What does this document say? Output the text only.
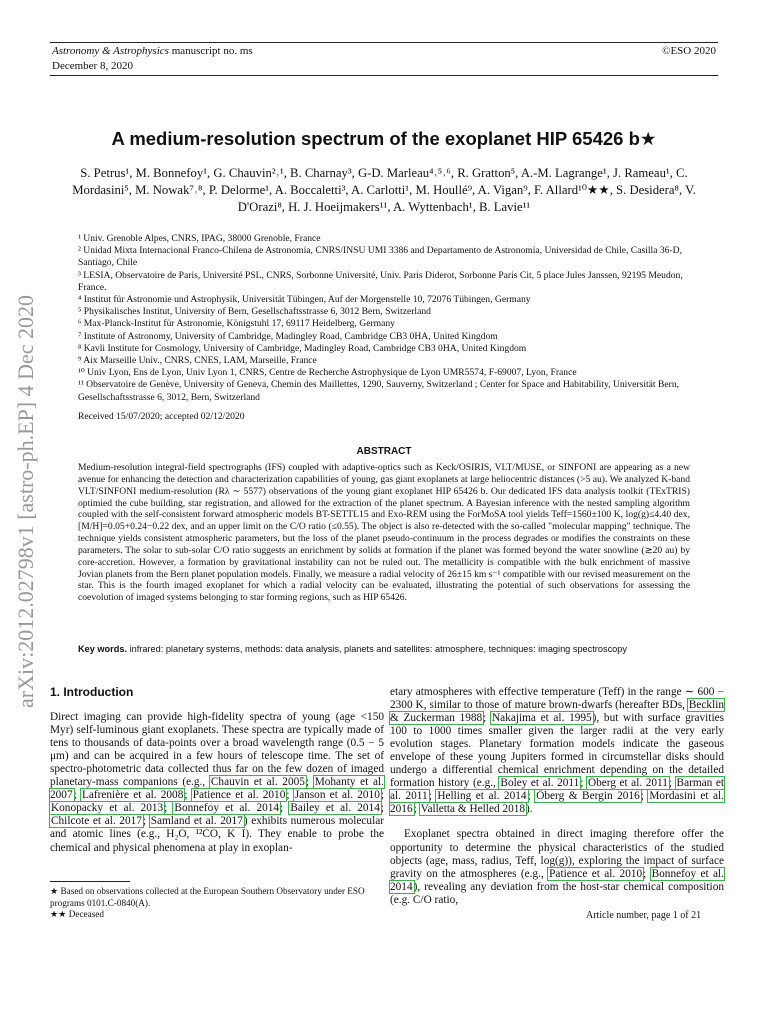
arXiv:2012.02798v1 [astro-ph.EP] 4 Dec 2020
Astronomy & Astrophysics manuscript no. ms	©ESO 2020
December 8, 2020
A medium-resolution spectrum of the exoplanet HIP 65426 b★

S. Petrus¹, M. Bonnefoy¹, G. Chauvin²˒¹, B. Charnay³, G-D. Marleau⁴˒⁵˒⁶, R. Gratton⁵, A.-M. Lagrange¹, J. Rameau¹, C. Mordasini⁵, M. Nowak⁷˒⁸, P. Delorme¹, A. Boccaletti³, A. Carlotti¹, M. Houllé⁹, A. Vigan⁹, F. Allard¹⁰★★, S. Desidera⁸, V. D'Orazi⁸, H. J. Hoeijmakers¹¹, A. Wyttenbach¹, B. Lavie¹¹

¹ Univ. Grenoble Alpes, CNRS, IPAG, 38000 Grenoble, France
² Unidad Mixta Internacional Franco-Chilena de Astronomía, CNRS/INSU UMI 3386 and Departamento de Astronomía, Universidad de Chile, Casilla 36-D, Santiago, Chile
³ LESIA, Observatoire de Paris, Université PSL, CNRS, Sorbonne Université, Univ. Paris Diderot, Sorbonne Paris Cit, 5 place Jules Janssen, 92195 Meudon, France.
⁴ Institut für Astronomie und Astrophysik, Universität Tübingen, Auf der Morgenstelle 10, 72076 Tübingen, Germany
⁵ Physikalisches Institut, University of Bern, Gesellschaftsstrasse 6, 3012 Bern, Switzerland
⁶ Max-Planck-Institut für Astronomie, Königstuhl 17, 69117 Heidelberg, Germany
⁷ Institute of Astronomy, University of Cambridge, Madingley Road, Cambridge CB3 0HA, United Kingdom
⁸ Kavli Institute for Cosmology, University of Cambridge, Madingley Road, Cambridge CB3 0HA, United Kingdom
⁹ Aix Marseille Univ., CNRS, CNES, LAM, Marseille, France
¹⁰ Univ Lyon, Ens de Lyon, Univ Lyon 1, CNRS, Centre de Recherche Astrophysique de Lyon UMR5574, F-69007, Lyon, France
¹¹ Observatoire de Genève, University of Geneva, Chemin des Maillettes, 1290, Sauverny, Switzerland ; Center for Space and Habitability, Universität Bern, Gesellschaftsstrasse 6, 3012, Bern, Switzerland
Received 15/07/2020; accepted 02/12/2020
ABSTRACT

Medium-resolution integral-field spectrographs (IFS) coupled with adaptive-optics such as Keck/OSIRIS, VLT/MUSE, or SINFONI are appearing as a new avenue for enhancing the detection and characterization capabilities of young, gas giant exoplanets at large heliocentric distances (>5 au). We analyzed K-band VLT/SINFONI medium-resolution (Rλ ∼ 5577) observations of the young giant exoplanet HIP 65426 b. Our dedicated IFS data analysis toolkit (TExTRIS) optimied the cube building, star registration, and allowed for the extraction of the planet spectrum. A Bayesian inference with the nested sampling algorithm coupled with the self-consistent forward atmospheric models BT-SETTL15 and Exo-REM using the ForMoSA tool yields Teff=1560±100 K, log(g)≤4.40 dex, [M/H]=0.05+0.24−0.22 dex, and an upper limit on the C/O ratio (≤0.55). The object is also re-detected with the so-called "molecular mapping" technique. The technique yields consistent atmospheric parameters, but the loss of the planet pseudo-continuum in the process degrades or modifies the constraints on these parameters. The solar to sub-solar C/O ratio suggests an enrichment by solids at formation if the planet was formed beyond the water snowline (≳20 au) by core-accretion. However, a formation by gravitational instability can not be ruled out. The metallicity is compatible with the bulk enrichment of massive Jovian planets from the Bern planet population models. Finally, we measure a radial velocity of 26±15 km s⁻¹ compatible with our revised measurement on the star. This is the fourth imaged exoplanet for which a radial velocity can be evaluated, illustrating the potential of such observations for assessing the coevolution of imaged systems belonging to star forming regions, such as HIP 65426.

Key words. infrared: planetary systems, methods: data analysis, planets and satellites: atmosphere, techniques: imaging spectroscopy
1. Introduction

Direct imaging can provide high-fidelity spectra of young (age <150 Myr) self-luminous giant exoplanets. These spectra are typically made of tens to thousands of data-points over a broad wavelength range (0.5 − 5 μm) and can be acquired in a few hours of telescope time. The set of spectro-photometric data collected thus far on the few dozen of imaged planetary-mass companions (e.g., Chauvin et al. 2005; Mohanty et al. 2007; Lafrenière et al. 2008; Patience et al. 2010; Janson et al. 2010; Konopacky et al. 2013; Bonnefoy et al. 2014; Bailey et al. 2014; Chilcote et al. 2017; Samland et al. 2017) exhibits numerous molecular and atomic lines (e.g., H₂O, ¹²CO, K I). They enable to probe the chemical and physical phenomena at play in exoplan-

★ Based on observations collected at the European Southern Observatory under ESO programs 0101.C-0840(A).

★★ Deceased

etary atmospheres with effective temperature (Teff) in the range ∼ 600 − 2300 K, similar to those of mature brown-dwarfs (hereafter BDs, Becklin & Zuckerman 1988; Nakajima et al. 1995), but with surface gravities 100 to 1000 times smaller given the larger radii at the very early evolution stages. Planetary formation models indicate the gaseous envelope of these young Jupiters formed in circumstellar disks should undergo a differential chemical enrichment depending on the detailed formation history (e.g., Boley et al. 2011; Öberg et al. 2011; Barman et al. 2011; Helling et al. 2014; Öberg & Bergin 2016; Mordasini et al. 2016; Valletta & Helled 2018).

Exoplanet spectra obtained in direct imaging therefore offer the opportunity to determine the physical characteristics of the studied objects (age, mass, radius, Teff, log(g)), exploring the impact of surface gravity on the atmospheres (e.g., Patience et al. 2010; Bonnefoy et al. 2014), revealing any deviation from the host-star chemical composition (e.g. C/O ratio,

Article number, page 1 of 21
